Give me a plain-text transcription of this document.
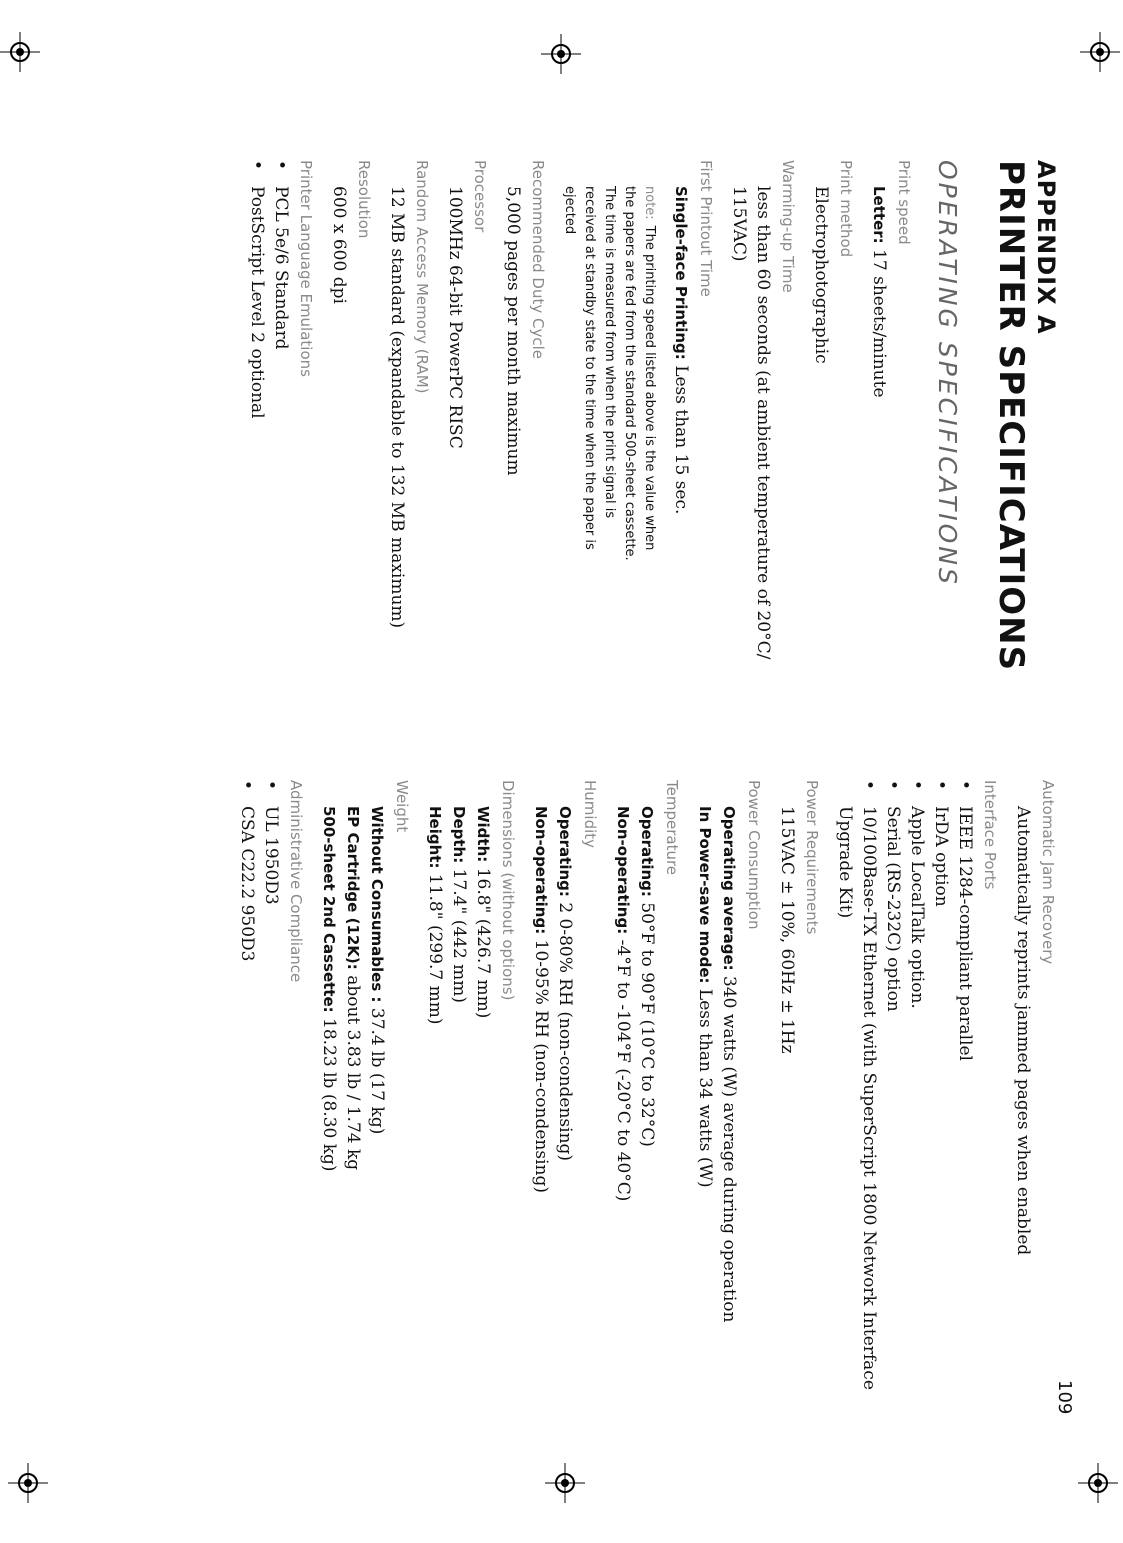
109
APPENDIX A
PRINTER SPECIFICATIONS
OPERATING SPECIFICATIONS
Print speed
Letter: 17 sheets/minute
Print method
Electrophotographic
Warming-up Time
less than 60 seconds (at ambient temperature of 20°C/
115VAC)
First Printout Time
Single-face Printing: Less than 15 sec.
note:The printing speed listed above is the value when
the papers are fed from the standard 500-sheet cassette.
The time is measured from when the print signal is
received at standby state to the time when the paper is
ejected
Recommended Duty Cycle
5,000 pages per month maximum
Processor
100MHz 64-bit PowerPC RISC
Random Access Memory (RAM)
12 MB standard (expandable to 132 MB maximum)
Resolution
600 x 600 dpi
Printer Language Emulations
• PCL 5e/6 Standard
• PostScript Level 2 optional
Automatic Jam Recovery
Automatically reprints jammed pages when enabled
Interface Ports
• IEEE 1284-compliant parallel
• IrDA option
• Apple LocalTalk option.
• Serial (RS-232C) option
• 10/100Base-TX Ethernet (with SuperScript 1800 Network Interface Upgrade Kit)
Power Requirements
115VAC ± 10%, 60Hz ± 1Hz
Power Consumption
Operating average: 340 watts (W) average during operation
In Power-save mode: Less than 34 watts (W)
Temperature
Operating: 50°F to 90°F (10°C to 32°C)
Non-operating: -4°F to -104°F (-20°C to 40°C)
Humidity
Operating: 2 0-80% RH (non-condensing)
Non-operating: 10-95% RH (non-condensing)
Dimensions (without options)
Width: 16.8" (426.7 mm)
Depth: 17.4" (442 mm)
Height: 11.8" (299.7 mm)
Weight
Without Consumables : 37.4 lb (17 kg)
EP Cartridge (12K): about 3.83 lb / 1.74 kg
500-sheet 2nd Cassette: 18.23 lb (8.30 kg)
Administrative Compliance
• UL 1950D3
• CSA C22.2 950D3
